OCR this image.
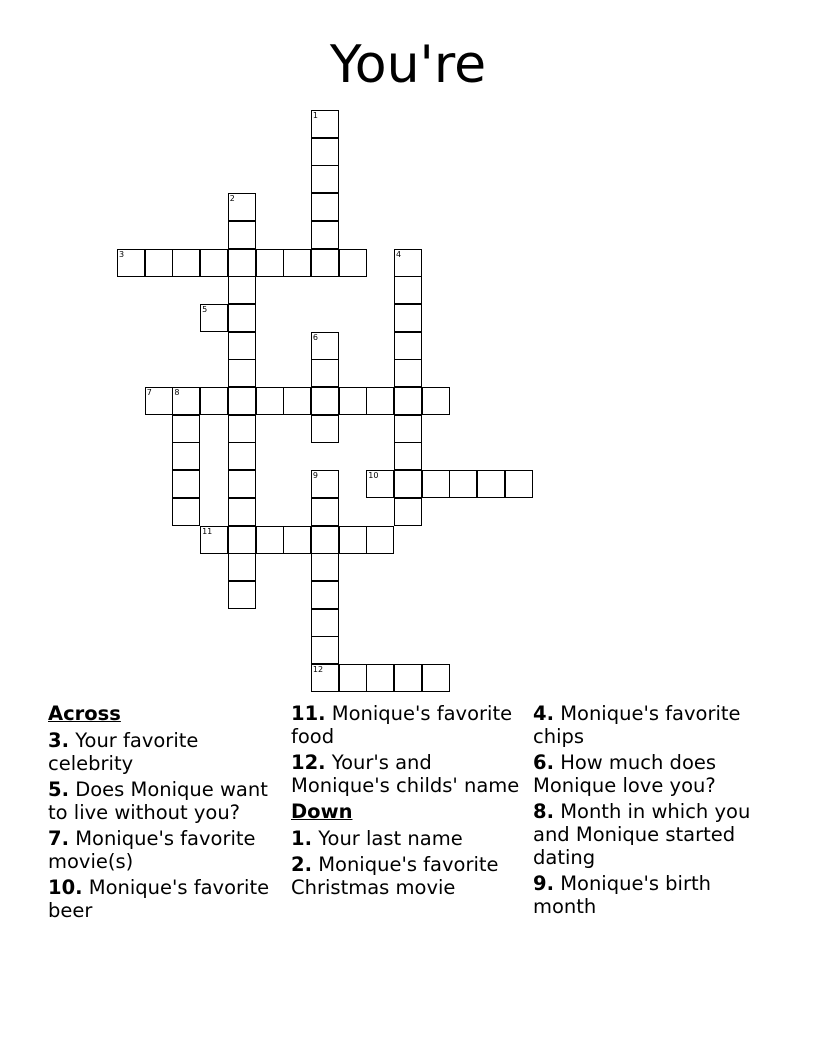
You're
1
2
3	4
5
6
7	8
9
12
10
11
Across
3. Your favorite celebrity
5. Does Monique want to live without you?
7. Monique's favorite movie(s)
10. Monique's favorite beer
11. Monique's favorite food
12. Your's and Monique's childs' name
Down
1. Your last name
2. Monique's favorite Christmas movie
4. Monique's favorite chips
6. How much does Monique love you?
8. Month in which you and Monique started dating
9. Monique's birth month
